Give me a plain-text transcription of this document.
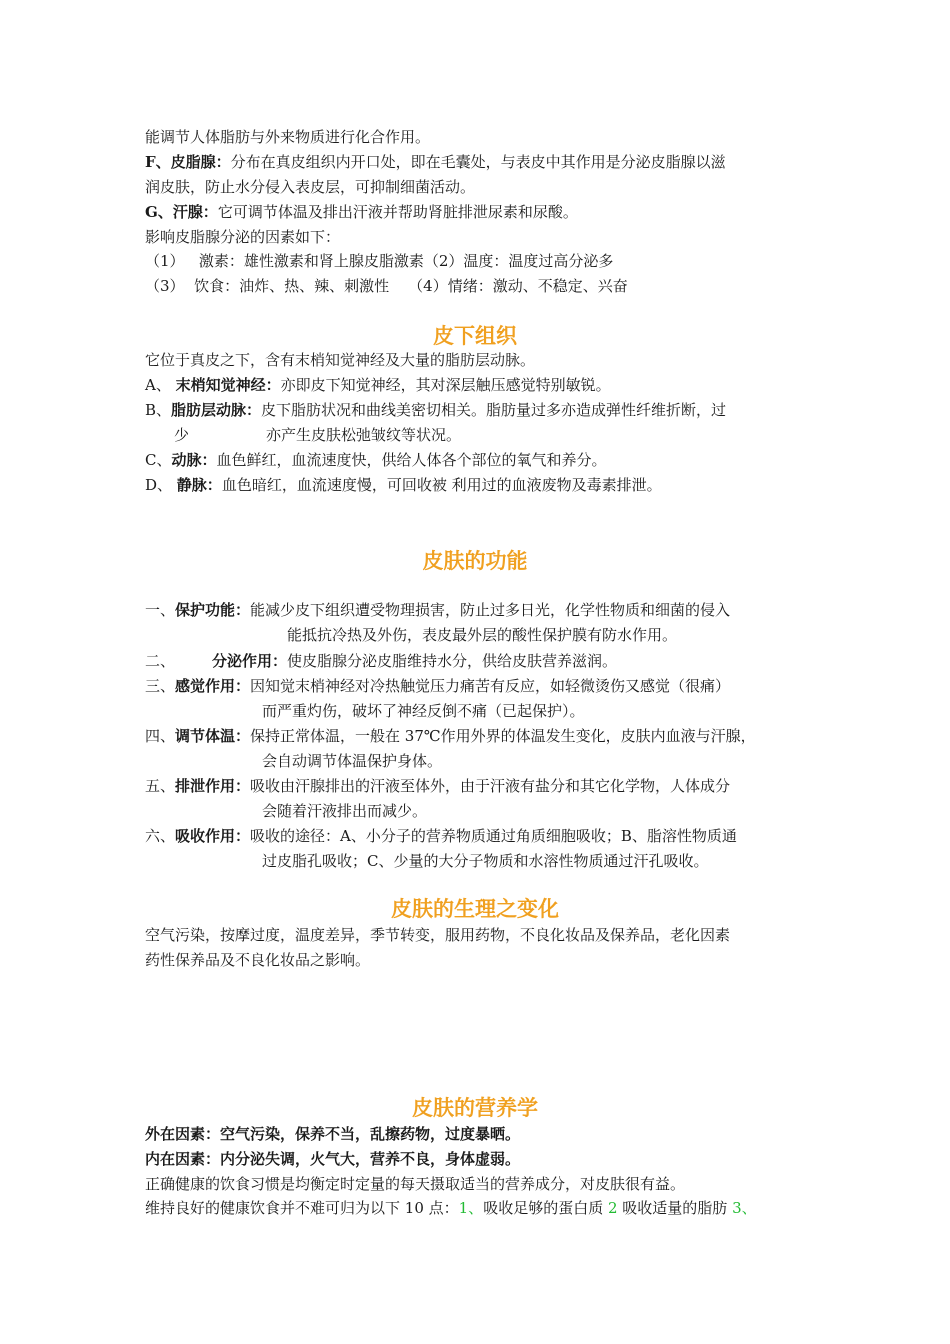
能调节人体脂肪与外来物质进行化合作用。
F、皮脂腺：分布在真皮组织内开口处，即在毛囊处，与表皮中其作用是分泌皮脂腺以滋
润皮肤，防止水分侵入表皮层，可抑制细菌活动。
G、汗腺：它可调节体温及排出汗液并帮助肾脏排泄尿素和尿酸。
影响皮脂腺分泌的因素如下：
（1）   激素：雄性激素和肾上腺皮脂激素（2）温度：温度过高分泌多
（3）  饮食：油炸、热、辣、刺激性    （4）情绪：激动、不稳定、兴奋
皮下组织
它位于真皮之下，含有末梢知觉神经及大量的脂肪层动脉。
A、 末梢知觉神经：亦即皮下知觉神经，其对深层触压感觉特别敏锐。
B、脂肪层动脉：皮下脂肪状况和曲线美密切相关。脂肪量过多亦造成弹性纤维折断，过
少	亦产生皮肤松弛皱纹等状况。
C、动脉：血色鲜红，血流速度快，供给人体各个部位的氧气和养分。
D、 静脉：血色暗红，血流速度慢，可回收被 利用过的血液废物及毒素排泄。
皮肤的功能
一、保护功能：能减少皮下组织遭受物理损害，防止过多日光，化学性物质和细菌的侵入
能抵抗冷热及外伤，表皮最外层的酸性保护膜有防水作用。
二、 分泌作用：使皮脂腺分泌皮脂维持水分，供给皮肤营养滋润。
三、感觉作用：因知觉末梢神经对冷热触觉压力痛苦有反应，如轻微烫伤又感觉（很痛）
而严重灼伤，破坏了神经反倒不痛（已起保护）。
四、调节体温：保持正常体温，一般在 37℃作用外界的体温发生变化，皮肤内血液与汗腺，
会自动调节体温保护身体。
五、排泄作用：吸收由汗腺排出的汗液至体外，由于汗液有盐分和其它化学物，人体成分
会随着汗液排出而减少。
六、吸收作用：吸收的途径：A、小分子的营养物质通过角质细胞吸收；B、脂溶性物质通
过皮脂孔吸收；C、少量的大分子物质和水溶性物质通过汗孔吸收。
皮肤的生理之变化
空气污染，按摩过度，温度差异，季节转变，服用药物，不良化妆品及保养品，老化因素
药性保养品及不良化妆品之影响。
皮肤的营养学
外在因素：空气污染，保养不当，乱擦药物，过度暴晒。
内在因素：内分泌失调，火气大，营养不良，身体虚弱。
正确健康的饮食习惯是均衡定时定量的每天摄取适当的营养成分，对皮肤很有益。
维持良好的健康饮食并不难可归为以下 10 点：1、吸收足够的蛋白质 2 吸收适量的脂肪 3、
